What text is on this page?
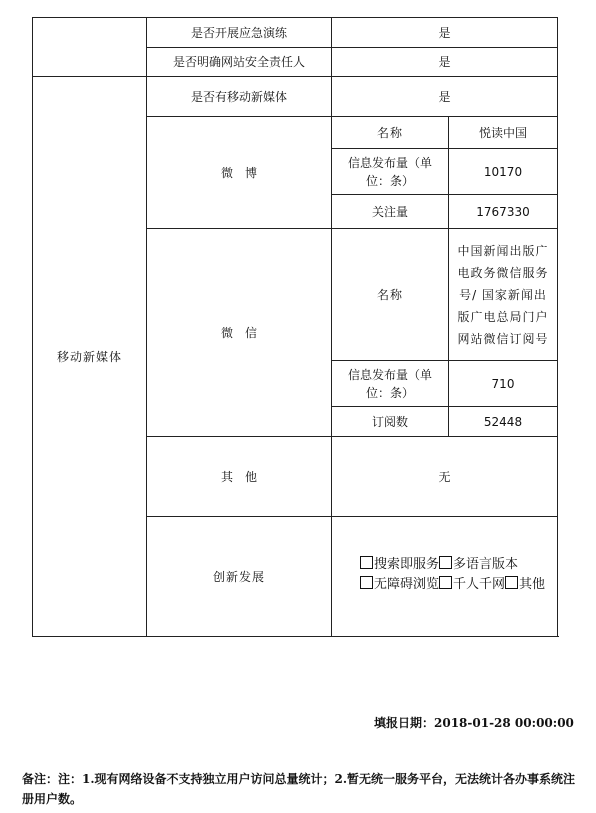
	是否开展应急演练	是	
	是否明确网站安全责任人	是	
移动新媒体	是否有移动新媒体	是	
	微　博	名称	悦读中国
		信息发布量（单位：条）	10170
		关注量	1767330
	微　信	名称	中国新闻出版广电政务微信服务号/ 国家新闻出版广电总局门户网站微信订阅号
		信息发布量（单位：条）	710
		订阅数	52448
	其　他	无	
	创新发展	搜索即服务 多语言版本无障碍浏览 千人千网 其他	
填报日期：2018-01-28 00:00:00
备注：注：1.现有网络设备不支持独立用户访问总量统计；2.暂无统一服务平台，无法统计各办事系统注册用户数。
